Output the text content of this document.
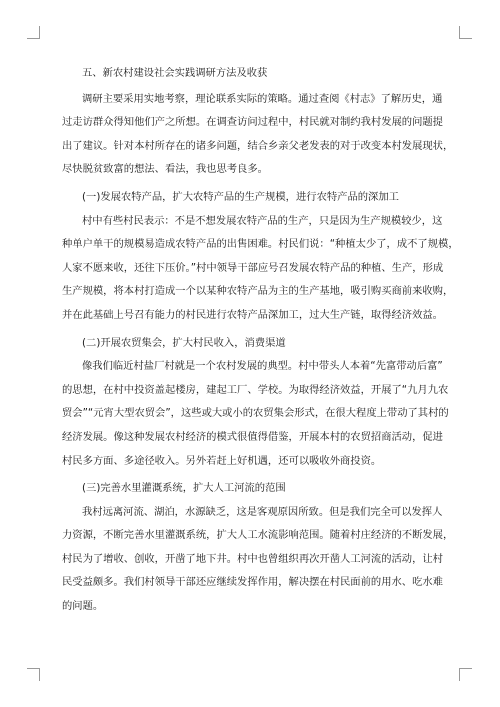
五、新农村建设社会实践调研方法及收获

调研主要采用实地考察，理论联系实际的策略。通过查阅《村志》了解历史，通
过走访群众得知他们产之所想。在调查访问过程中，村民就对制约我村发展的问题提
出了建议。针对本村所存在的诸多问题，结合乡亲父老发表的对于改变本村发展现状，
尽快脱贫致富的想法、看法，我也思考良多。

(一)发展农特产品，扩大农特产品的生产规模，进行农特产品的深加工

村中有些村民表示：不是不想发展农特产品的生产，只是因为生产规模较少，这
种单户单干的规模易造成农特产品的出售困难。村民们说：“种植太少了，成不了规模，
人家不愿来收，还往下压价。”村中领导干部应号召发展农特产品的种植、生产，形成
生产规模，将本村打造成一个以某种农特产品为主的生产基地，吸引购买商前来收购，
并在此基础上号召有能力的村民进行农特产品深加工，过大生产链，取得经济效益。

(二)开展农贸集会，扩大村民收入，消费渠道

像我们临近村盐厂村就是一个农村发展的典型。村中带头人本着“先富带动后富”
的思想，在村中投资盖起楼房，建起工厂、学校。为取得经济效益，开展了“九月九农
贸会”“元宵大型农贸会”，这些或大或小的农贸集会形式，在很大程度上带动了其村的
经济发展。像这种发展农村经济的模式很值得借鉴，开展本村的农贸招商活动，促进
村民多方面、多途径收入。另外若赶上好机遇，还可以吸收外商投资。

(三)完善水里灌溉系统，扩大人工河流的范围

我村远离河流、湖泊，水源缺乏，这是客观原因所致。但是我们完全可以发挥人
力资源，不断完善水里灌溉系统，扩大人工水流影响范围。随着村庄经济的不断发展，
村民为了增收、创收，开凿了地下井。村中也曾组织再次开凿人工河流的活动，让村
民受益颇多。我们村领导干部还应继续发挥作用，解决摆在村民面前的用水、吃水难
的问题。
